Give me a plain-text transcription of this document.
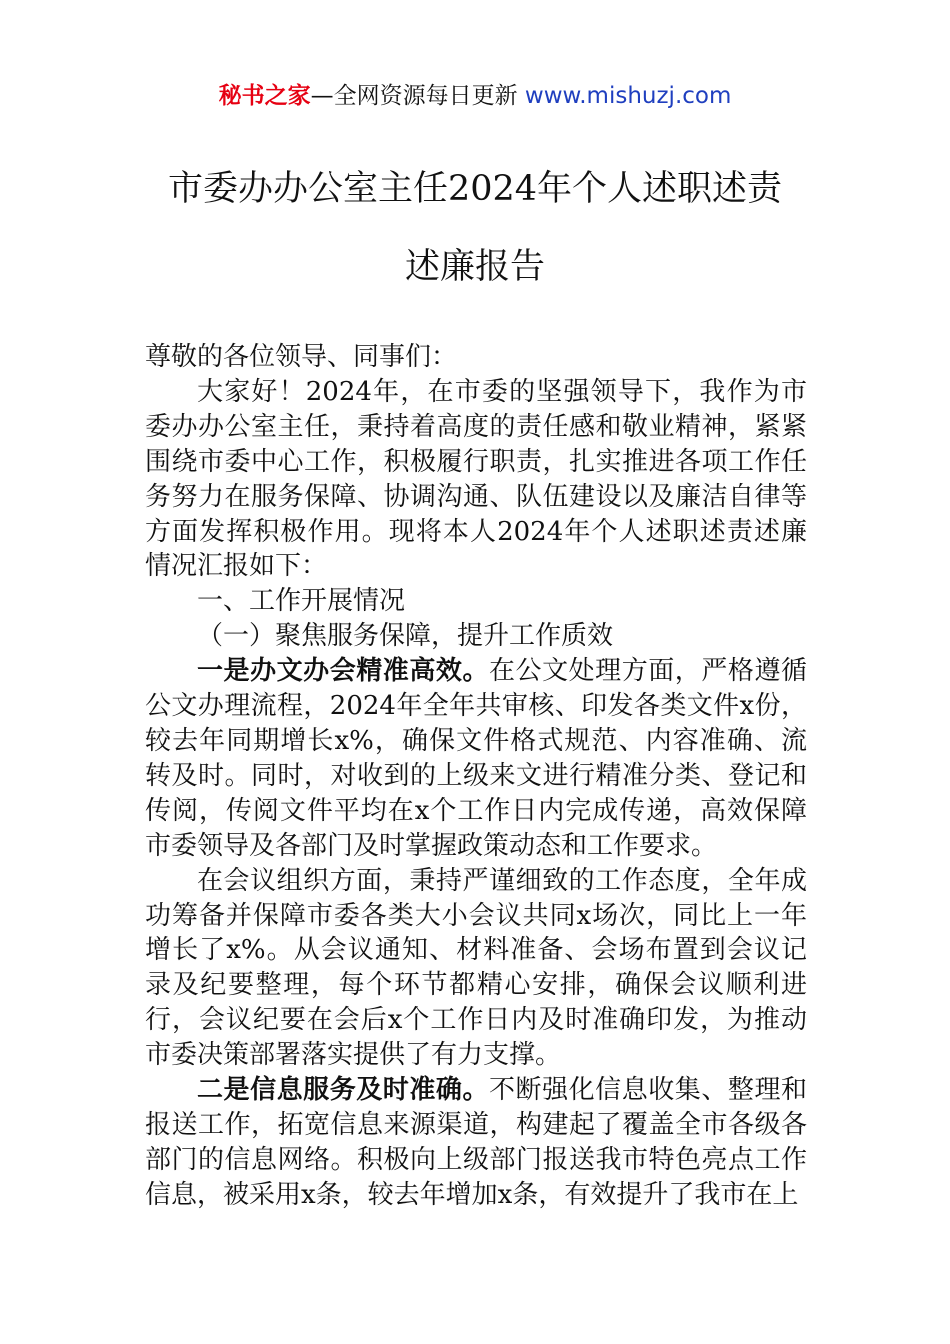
秘书之家—全网资源每日更新 www.mishuzj.com
市委办办公室主任2024年个人述职述责
述廉报告

尊敬的各位领导、同事们：

大家好！2024年，在市委的坚强领导下，我作为市委办办公室主任，秉持着高度的责任感和敬业精神，紧紧围绕市委中心工作，积极履行职责，扎实推进各项工作任务努力在服务保障、协调沟通、队伍建设以及廉洁自律等方面发挥积极作用。现将本人2024年个人述职述责述廉情况汇报如下：

一、工作开展情况

（一）聚焦服务保障，提升工作质效

一是办文办会精准高效。在公文处理方面，严格遵循公文办理流程，2024年全年共审核、印发各类文件x份，较去年同期增长x%，确保文件格式规范、内容准确、流转及时。同时，对收到的上级来文进行精准分类、登记和传阅，传阅文件平均在x个工作日内完成传递，高效保障市委领导及各部门及时掌握政策动态和工作要求。

在会议组织方面，秉持严谨细致的工作态度，全年成功筹备并保障市委各类大小会议共同x场次，同比上一年增长了x%。从会议通知、材料准备、会场布置到会议记录及纪要整理，每个环节都精心安排，确保会议顺利进行，会议纪要在会后x个工作日内及时准确印发，为推动市委决策部署落实提供了有力支撑。

二是信息服务及时准确。不断强化信息收集、整理和报送工作，拓宽信息来源渠道，构建起了覆盖全市各级各部门的信息网络。积极向上级部门报送我市特色亮点工作信息，被采用x条，较去年增加x条，有效提升了我市在上
